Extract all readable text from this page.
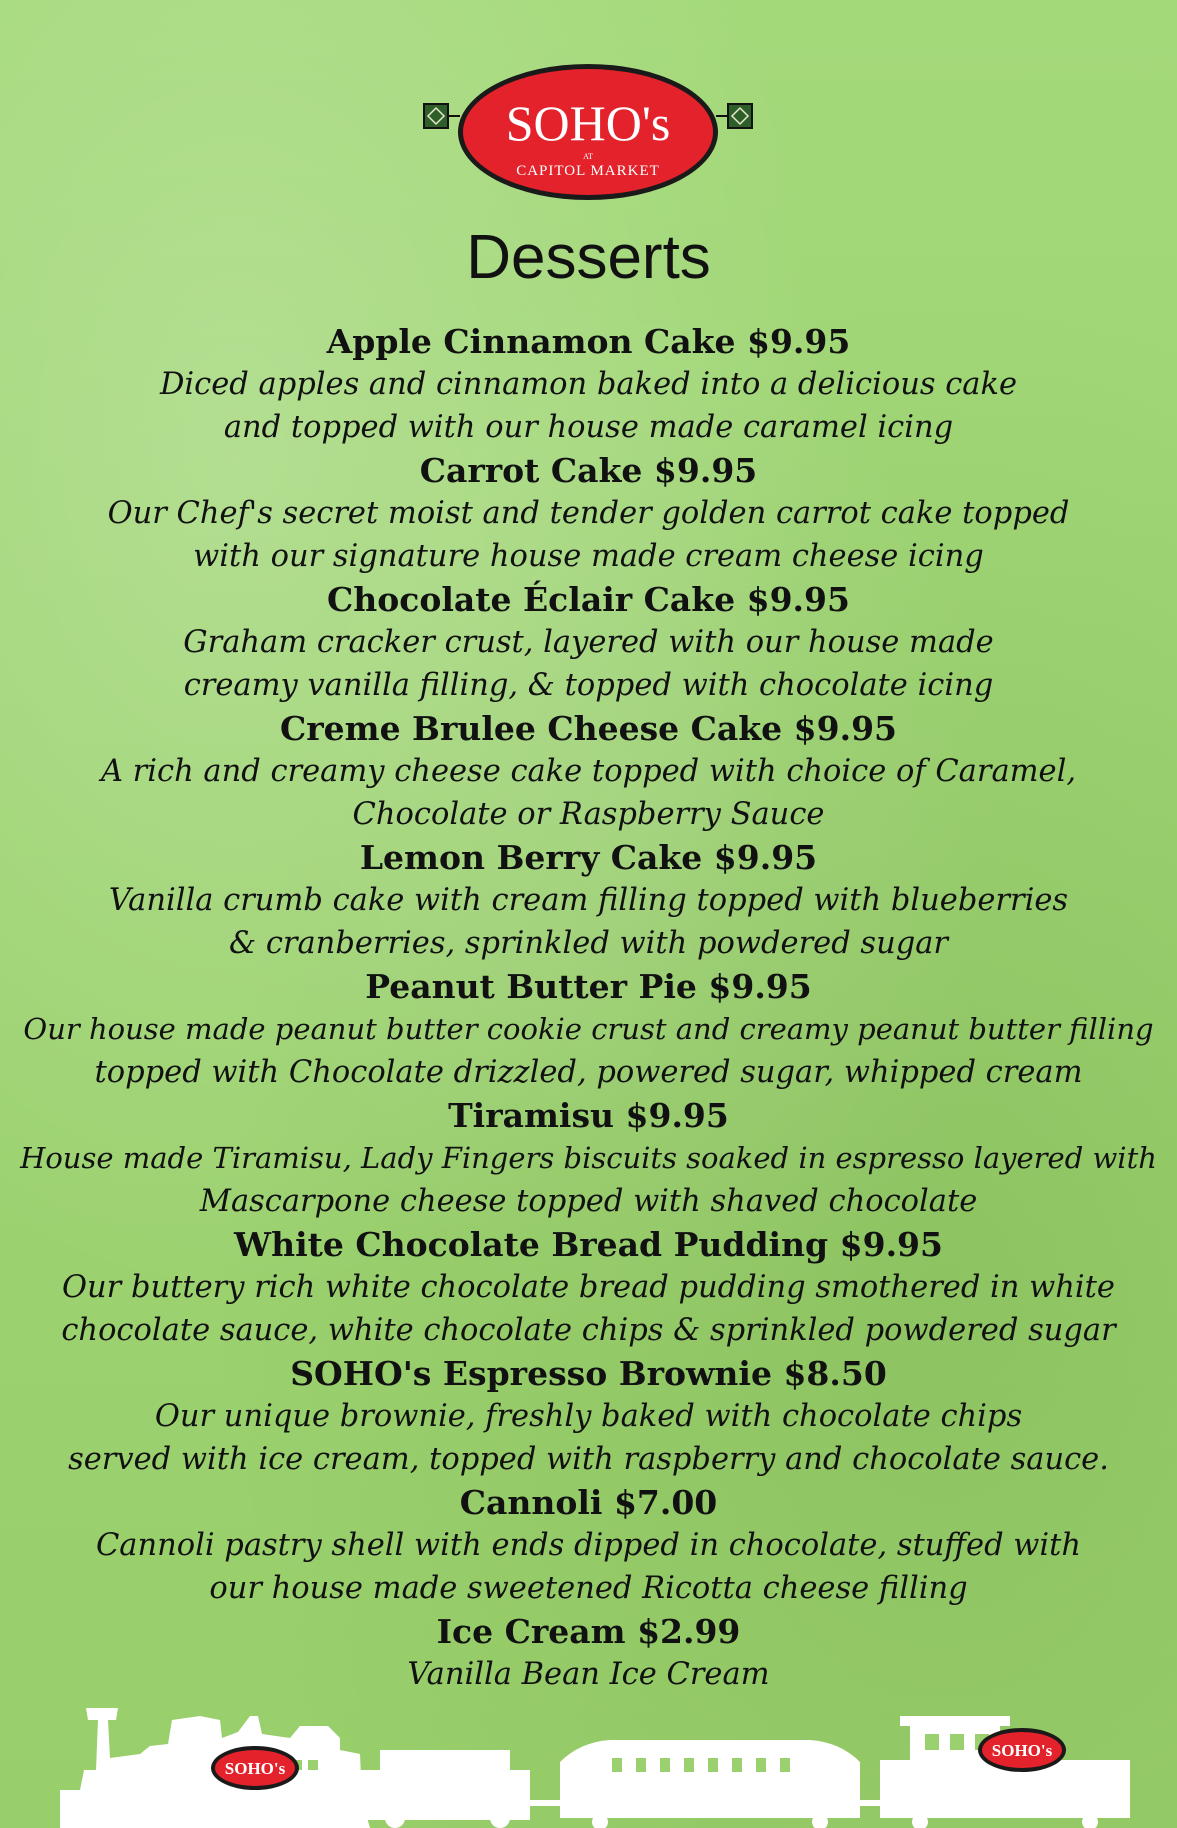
SOHO's
AT
CAPITOL MARKET
Desserts
Apple Cinnamon Cake $9.95
Diced apples and cinnamon baked into a delicious cake
and topped with our house made caramel icing
Carrot Cake $9.95
Our Chef's secret moist and tender golden carrot cake topped
with our signature house made cream cheese icing
Chocolate Éclair Cake $9.95
Graham cracker crust, layered with our house made
creamy vanilla filling, & topped with chocolate icing
Creme Brulee Cheese Cake $9.95
A rich and creamy cheese cake topped with choice of Caramel,
Chocolate or Raspberry Sauce
Lemon Berry Cake $9.95
Vanilla crumb cake with cream filling topped with blueberries
& cranberries, sprinkled with powdered sugar
Peanut Butter Pie $9.95
Our house made peanut butter cookie crust and creamy peanut butter filling
topped with Chocolate drizzled, powered sugar, whipped cream
Tiramisu $9.95
House made Tiramisu, Lady Fingers biscuits soaked in espresso layered with
Mascarpone cheese topped with shaved chocolate
White Chocolate Bread Pudding $9.95
Our buttery rich white chocolate bread pudding smothered in white
chocolate sauce, white chocolate chips & sprinkled powdered sugar
SOHO's Espresso Brownie $8.50
Our unique brownie, freshly baked with chocolate chips
served with ice cream, topped with raspberry and chocolate sauce.
Cannoli $7.00
Cannoli pastry shell with ends dipped in chocolate, stuffed with
our house made sweetened Ricotta cheese filling
Ice Cream $2.99
Vanilla Bean Ice Cream
SOHO's
SOHO's
